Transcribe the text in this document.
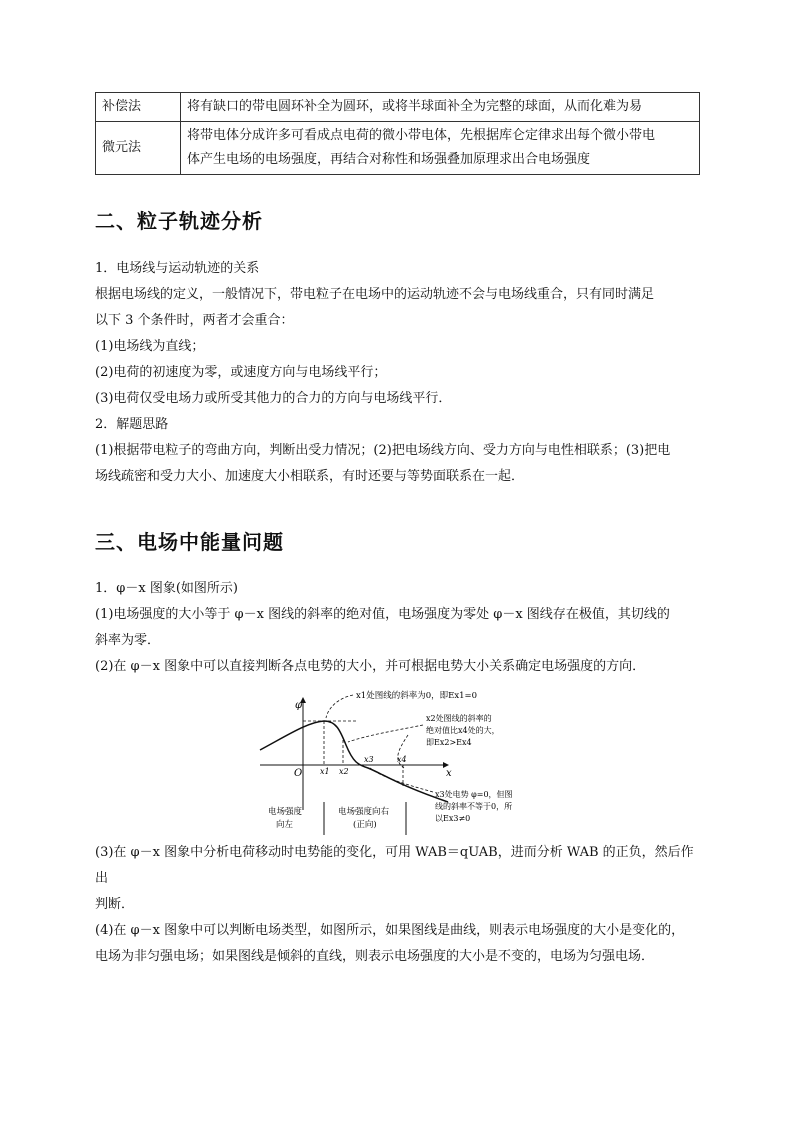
补偿法	将有缺口的带电圆环补全为圆环，或将半球面补全为完整的球面，从而化难为易
微元法	将带电体分成许多可看成点电荷的微小带电体，先根据库仑定律求出每个微小带电
体产生电场的电场强度，再结合对称性和场强叠加原理求出合电场强度
二、粒子轨迹分析

1．电场线与运动轨迹的关系

根据电场线的定义，一般情况下，带电粒子在电场中的运动轨迹不会与电场线重合，只有同时满足

以下 3 个条件时，两者才会重合：

(1)电场线为直线；

(2)电荷的初速度为零，或速度方向与电场线平行；

(3)电荷仅受电场力或所受其他力的合力的方向与电场线平行．

2．解题思路

(1)根据带电粒子的弯曲方向，判断出受力情况；(2)把电场线方向、受力方向与电性相联系；(3)把电

场线疏密和受力大小、加速度大小相联系，有时还要与等势面联系在一起．

三、电场中能量问题

1．φ－x 图象(如图所示)

(1)电场强度的大小等于 φ－x 图线的斜率的绝对值，电场强度为零处 φ－x 图线存在极值，其切线的

斜率为零．

(2)在 φ－x 图象中可以直接判断各点电势的大小，并可根据电势大小关系确定电场强度的方向．

φ
x
O x1 x2
x3	x4
x1处图线的斜率为0，即Ex1=0
x2处图线的斜率的
绝对值比x4处的大，
即Ex2>Ex4
x3处电势 φ=0，但图
线的斜率不等于0，所
以Ex3≠0
电场强度
向左
电场强度向右
(正向)

(3)在 φ－x 图象中分析电荷移动时电势能的变化，可用 WAB＝qUAB，进而分析 WAB 的正负，然后作出

判断．

(4)在 φ－x 图象中可以判断电场类型，如图所示，如果图线是曲线，则表示电场强度的大小是变化的，

电场为非匀强电场；如果图线是倾斜的直线，则表示电场强度的大小是不变的，电场为匀强电场．
